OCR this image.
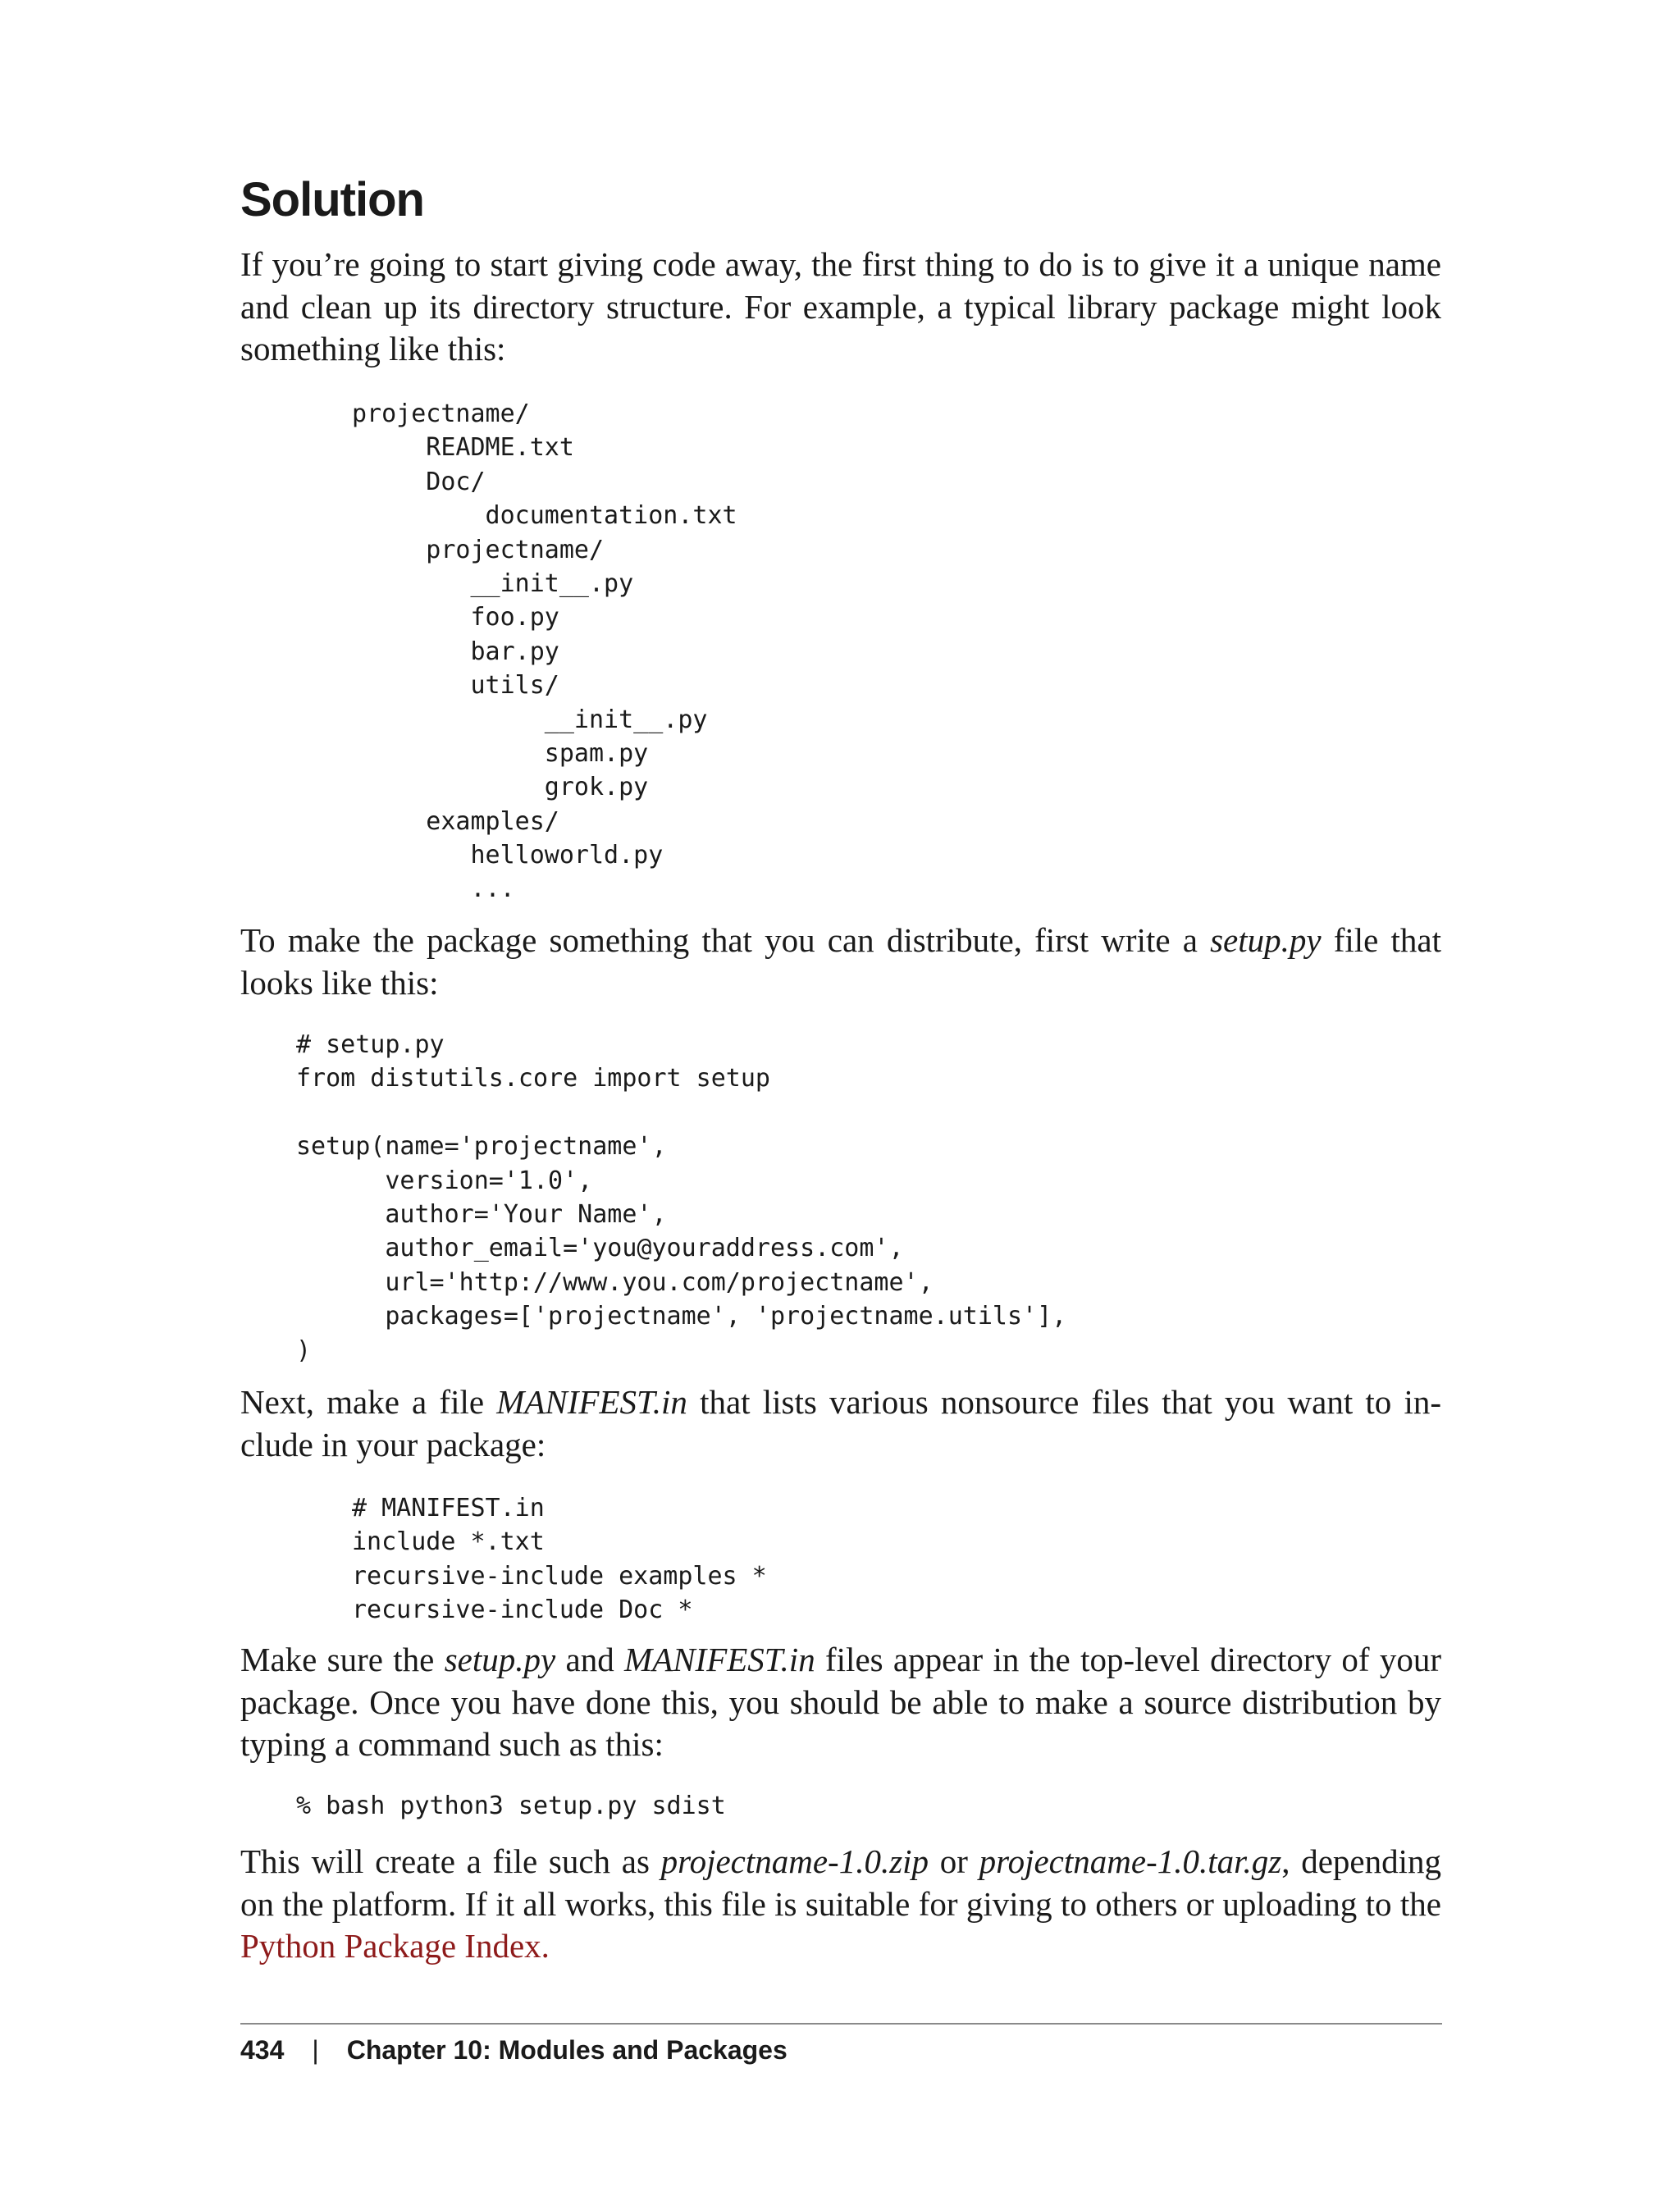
Solution

If you’re going to start giving code away, the first thing to do is to give it a unique name and clean up its directory structure. For example, a typical library package might look something like this:

projectname/
README.txt
Doc/
documentation.txt
projectname/
__init__.py
foo.py
bar.py
utils/
__init__.py
spam.py
grok.py
examples/
helloworld.py
...

To make the package something that you can distribute, first write a setup.py file that looks like this:

# setup.py
from distutils.core import setup
setup(name='projectname',
version='1.0',
author='Your Name',
author_email='you@youraddress.com',
url='http://www.you.com/projectname',
packages=['projectname', 'projectname.utils'],
)

Next, make a file MANIFEST.in that lists various nonsource files that you want to in-clude in your package:

# MANIFEST.in
include *.txt
recursive-include examples *
recursive-include Doc *

Make sure the setup.py and MANIFEST.in files appear in the top-level directory of your package. Once you have done this, you should be able to make a source distribution by typing a command such as this:

% bash python3 setup.py sdist

This will create a file such as projectname-1.0.zip or projectname-1.0.tar.gz, depending on the platform. If it all works, this file is suitable for giving to others or uploading to the Python Package Index.

434 | Chapter 10: Modules and Packages
